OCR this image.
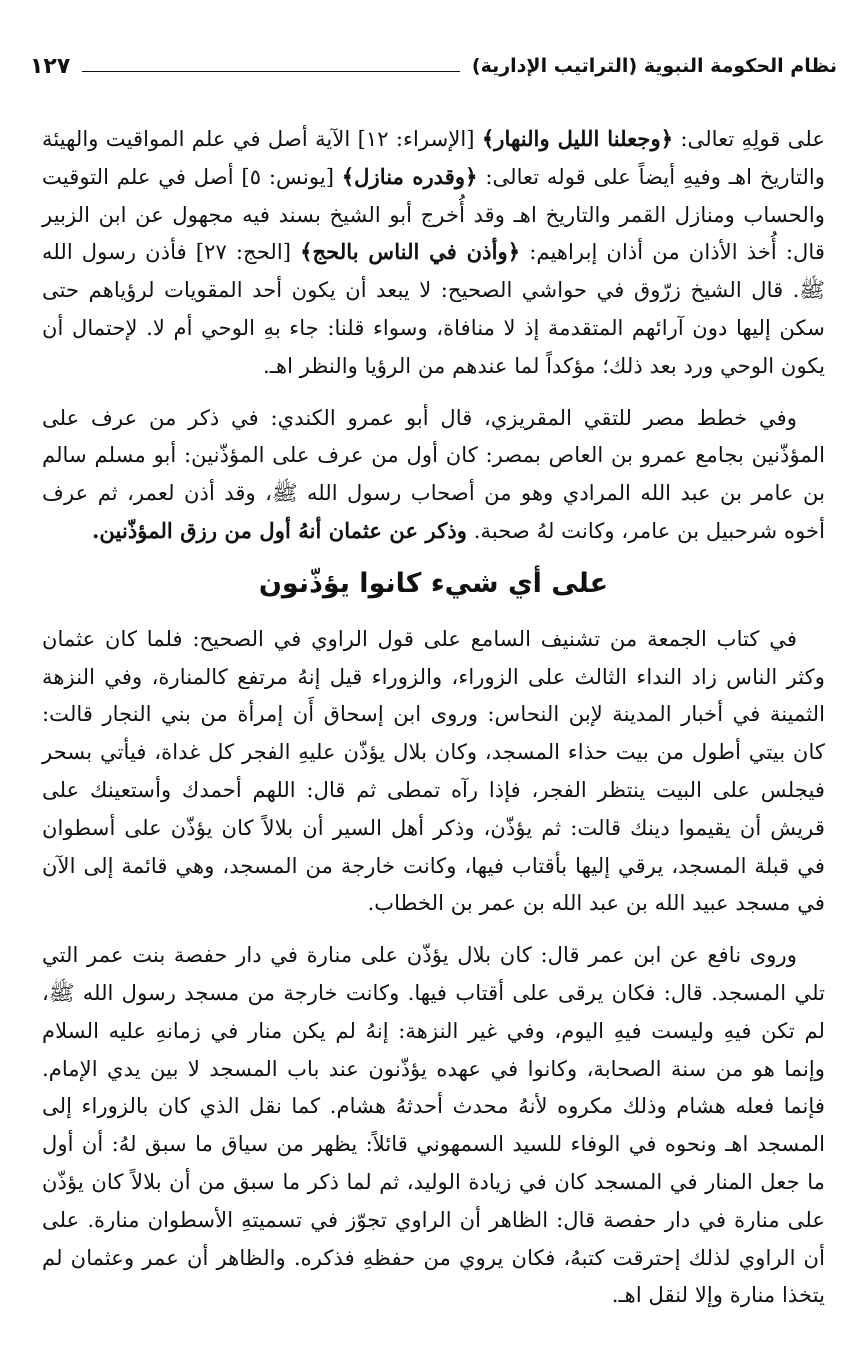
نظام الحكومة النبوية (التراتيب الإدارية)
١٢٧

على قولِهِ تعالى: ﴿وجعلنا الليل والنهار﴾ [الإسراء: ١٢] الآية أصل في علم المواقيت والهيئة والتاريخ اهـ وفيهِ أيضاً على قوله تعالى: ﴿وقدره منازل﴾ [يونس: ٥] أصل في علم التوقيت والحساب ومنازل القمر والتاريخ اهـ وقد أُخرج أبو الشيخ بسند فيه مجهول عن ابن الزبير قال: أُخذ الأذان من أذان إبراهيم: ﴿وأذن في الناس بالحج﴾ [الحج: ٢٧] فأذن رسول الله ﷺ. قال الشيخ زرّوق في حواشي الصحيح: لا يبعد أن يكون أحد المقويات لرؤياهم حتى سكن إليها دون آرائهم المتقدمة إذ لا منافاة، وسواء قلنا: جاء بهِ الوحي أم لا. لإحتمال أن يكون الوحي ورد بعد ذلك؛ مؤكداً لما عندهم من الرؤيا والنظر اهـ.

وفي خطط مصر للتقي المقريزي، قال أبو عمرو الكندي: في ذكر من عرف على المؤذّنين بجامع عمرو بن العاص بمصر: كان أول من عرف على المؤذّنين: أبو مسلم سالم بن عامر بن عبد الله المرادي وهو من أصحاب رسول الله ﷺ، وقد أذن لعمر، ثم عرف أخوه شرحبيل بن عامر، وكانت لهُ صحبة. وذكر عن عثمان أنهُ أول من رزق المؤذّنين.

على أي شيء كانوا يؤذّنون

في كتاب الجمعة من تشنيف السامع على قول الراوي في الصحيح: فلما كان عثمان وكثر الناس زاد النداء الثالث على الزوراء، والزوراء قيل إنهُ مرتفع كالمنارة، وفي النزهة الثمينة في أخبار المدينة لإبن النحاس: وروى ابن إسحاق أَن إمرأة من بني النجار قالت: كان بيتي أطول من بيت حذاء المسجد، وكان بلال يؤذّن عليهِ الفجر كل غداة، فيأتي بسحر فيجلس على البيت ينتظر الفجر، فإذا رآه تمطى ثم قال: اللهم أحمدك وأستعينك على قريش أن يقيموا دينك قالت: ثم يؤذّن، وذكر أهل السير أن بلالاً كان يؤذّن على أسطوان في قبلة المسجد، يرقي إليها بأقتاب فيها، وكانت خارجة من المسجد، وهي قائمة إلى الآن في مسجد عبيد الله بن عبد الله بن عمر بن الخطاب.

وروى نافع عن ابن عمر قال: كان بلال يؤذّن على منارة في دار حفصة بنت عمر التي تلي المسجد. قال: فكان يرقى على أقتاب فيها. وكانت خارجة من مسجد رسول الله ﷺ، لم تكن فيهِ وليست فيهِ اليوم، وفي غير النزهة: إنهُ لم يكن منار في زمانهِ عليه السلام وإنما هو من سنة الصحابة، وكانوا في عهده يؤذّنون عند باب المسجد لا بين يدي الإمام. فإنما فعله هشام وذلك مكروه لأنهُ محدث أحدثهُ هشام. كما نقل الذي كان بالزوراء إلى المسجد اهـ ونحوه في الوفاء للسيد السمهوني قائلاً: يظهر من سياق ما سبق لهُ: أن أول ما جعل المنار في المسجد كان في زيادة الوليد، ثم لما ذكر ما سبق من أن بلالاً كان يؤذّن على منارة في دار حفصة قال: الظاهر أن الراوي تجوّز في تسميتهِ الأسطوان منارة. على أن الراوي لذلك إحترقت كتبهُ، فكان يروي من حفظهِ فذكره. والظاهر أن عمر وعثمان لم يتخذا منارة وإلا لنقل اهـ.
